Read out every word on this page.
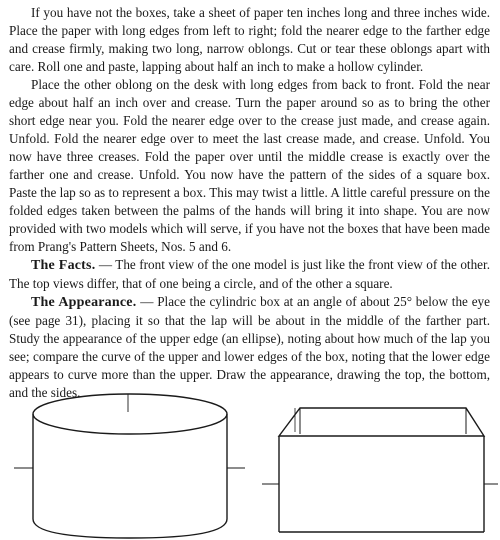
If you have not the boxes, take a sheet of paper ten inches long and three inches wide. Place the paper with long edges from left to right; fold the nearer edge to the farther edge and crease firmly, making two long, narrow oblongs. Cut or tear these oblongs apart with care. Roll one and paste, lapping about half an inch to make a hollow cylinder.

Place the other oblong on the desk with long edges from back to front. Fold the near edge about half an inch over and crease. Turn the paper around so as to bring the other short edge near you. Fold the nearer edge over to the crease just made, and crease again. Unfold. Fold the nearer edge over to meet the last crease made, and crease. Unfold. You now have three creases. Fold the paper over until the middle crease is exactly over the farther one and crease. Unfold. You now have the pattern of the sides of a square box. Paste the lap so as to represent a box. This may twist a little. A little careful pressure on the folded edges taken between the palms of the hands will bring it into shape. You are now provided with two models which will serve, if you have not the boxes that have been made from Prang's Pattern Sheets, Nos. 5 and 6.

The Facts. — The front view of the one model is just like the front view of the other. The top views differ, that of one being a circle, and of the other a square.

The Appearance. — Place the cylindric box at an angle of about 25° below the eye (see page 31), placing it so that the lap will be about in the middle of the farther part. Study the appearance of the upper edge (an ellipse), noting about how much of the lap you see; compare the curve of the upper and lower edges of the box, noting that the lower edge appears to curve more than the upper. Draw the appearance, drawing the top, the bottom, and the sides.
